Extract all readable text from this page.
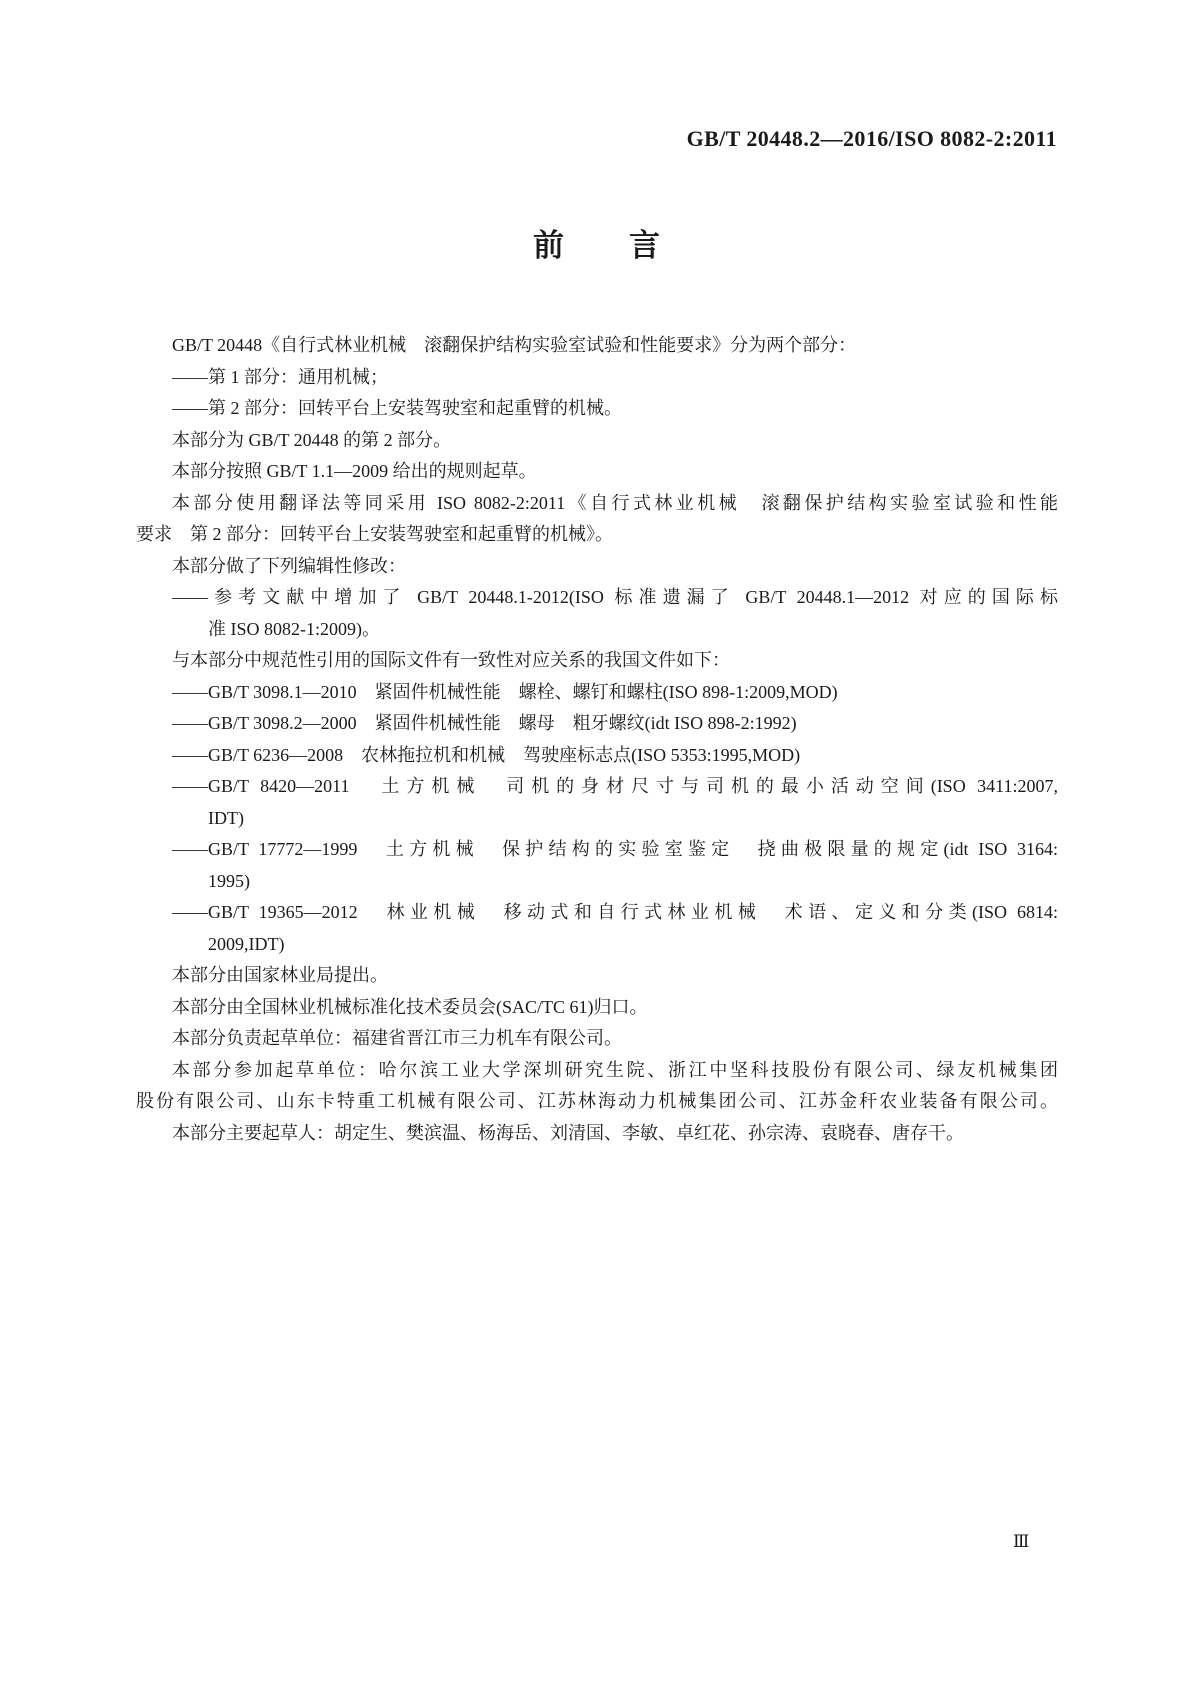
GB/T 20448.2—2016/ISO 8082-2:2011
前　　言
GB/T 20448《自行式林业机械　滚翻保护结构实验室试验和性能要求》分为两个部分：
——第 1 部分：通用机械；
——第 2 部分：回转平台上安装驾驶室和起重臂的机械。
本部分为 GB/T 20448 的第 2 部分。
本部分按照 GB/T 1.1—2009 给出的规则起草。
本部分使用翻译法等同采用 ISO 8082-2:2011《自行式林业机械　滚翻保护结构实验室试验和性能
要求　第 2 部分：回转平台上安装驾驶室和起重臂的机械》。
本部分做了下列编辑性修改：
——参考文献中增加了 GB/T 20448.1-2012(ISO 标准遗漏了 GB/T 20448.1—2012 对应的国际标
准 ISO 8082-1:2009)。
与本部分中规范性引用的国际文件有一致性对应关系的我国文件如下：
——GB/T 3098.1—2010　紧固件机械性能　螺栓、螺钉和螺柱(ISO 898-1:2009,MOD)
——GB/T 3098.2—2000　紧固件机械性能　螺母　粗牙螺纹(idt ISO 898-2:1992)
——GB/T 6236—2008　农林拖拉机和机械　驾驶座标志点(ISO 5353:1995,MOD)
——GB/T 8420—2011　土方机械　司机的身材尺寸与司机的最小活动空间(ISO 3411:2007,
IDT)
——GB/T 17772—1999　土方机械　保护结构的实验室鉴定　挠曲极限量的规定(idt ISO 3164:
1995)
——GB/T 19365—2012　林业机械　移动式和自行式林业机械　术语、定义和分类(ISO 6814:
2009,IDT)
本部分由国家林业局提出。
本部分由全国林业机械标准化技术委员会(SAC/TC 61)归口。
本部分负责起草单位：福建省晋江市三力机车有限公司。
本部分参加起草单位：哈尔滨工业大学深圳研究生院、浙江中坚科技股份有限公司、绿友机械集团
股份有限公司、山东卡特重工机械有限公司、江苏林海动力机械集团公司、江苏金秆农业装备有限公司。
本部分主要起草人：胡定生、樊滨温、杨海岳、刘清国、李敏、卓红花、孙宗涛、袁晓春、唐存干。
Ⅲ
